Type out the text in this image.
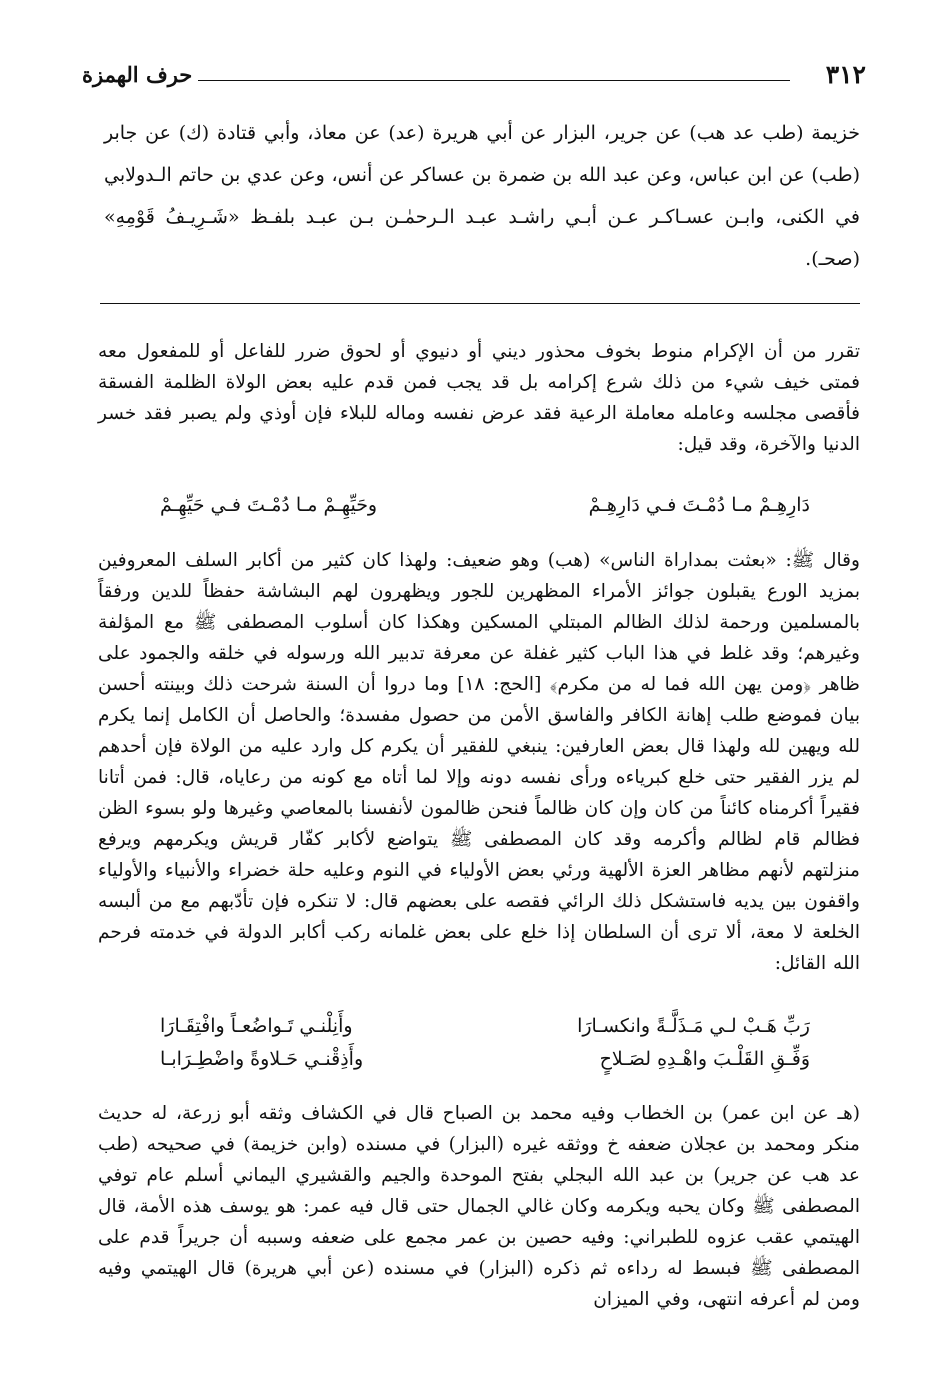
٣١٢
حرف الهمزة

خزيمة (طب عد هب) عن جرير، البزار عن أبي هريرة (عد) عن معاذ، وأبي قتادة (ك) عن جابر (طب) عن ابن عباس، وعن عبد الله بن ضمرة بن عساكر عن أنس، وعن عدي بن حاتم الـدولابي في الكنى، وابـن عسـاكـر عـن أبـي راشـد عبـد الـرحمٰـن بـن عبـد بلفـظ «شَـرِيـفُ قَوْمِهِ» (صحـ).

تقرر من أن الإكرام منوط بخوف محذور ديني أو دنيوي أو لحوق ضرر للفاعل أو للمفعول معه فمتى خيف شيء من ذلك شرع إكرامه بل قد يجب فمن قدم عليه بعض الولاة الظلمة الفسقة فأقصى مجلسه وعامله معاملة الرعية فقد عرض نفسه وماله للبلاء فإن أوذي ولم يصبر فقد خسر الدنيا والآخرة، وقد قيل:

دَارِهِـمْ مـا دُمْـتَ فـي دَارِهِـمْ
وحَيِّهِـمْ مـا دُمْـتَ فـي حَيِّهِـمْ

وقال ﷺ: «بعثت بمداراة الناس» (هب) وهو ضعيف: ولهذا كان كثير من أكابر السلف المعروفين بمزيد الورع يقبلون جوائز الأمراء المظهرين للجور ويظهرون لهم البشاشة حفظاً للدين ورفقاً بالمسلمين ورحمة لذلك الظالم المبتلي المسكين وهكذا كان أسلوب المصطفى ﷺ مع المؤلفة وغيرهم؛ وقد غلط في هذا الباب كثير غفلة عن معرفة تدبير الله ورسوله في خلقه والجمود على ظاهر ﴿ومن يهن الله فما له من مكرم﴾ [الحج: ١٨] وما دروا أن السنة شرحت ذلك وبينته أحسن بيان فموضع طلب إهانة الكافر والفاسق الأمن من حصول مفسدة؛ والحاصل أن الكامل إنما يكرم لله ويهين لله ولهذا قال بعض العارفين: ينبغي للفقير أن يكرم كل وارد عليه من الولاة فإن أحدهم لم يزر الفقير حتى خلع كبرياءه ورأى نفسه دونه وإلا لما أتاه مع كونه من رعاياه، قال: فمن أتانا فقيراً أكرمناه كائناً من كان وإن كان ظالماً فنحن ظالمون لأنفسنا بالمعاصي وغيرها ولو بسوء الظن فظالم قام لظالم وأكرمه وقد كان المصطفى ﷺ يتواضع لأكابر كفّار قريش ويكرمهم ويرفع منزلتهم لأنهم مظاهر العزة الألهية ورئي بعض الأولياء في النوم وعليه حلة خضراء والأنبياء والأولياء واقفون بين يديه فاستشكل ذلك الرائي فقصه على بعضهم قال: لا تنكره فإن تأدّبهم مع من ألبسه الخلعة لا معة، ألا ترى أن السلطان إذا خلع على بعض غلمانه ركب أكابر الدولة في خدمته فرحم الله القائل:

رَبِّ هَـبْ لـي مَـذَلَّـةً وانكسـارَا
وأَنِلْنـي تَـواضُعـاً وافْتِقَـارَا
وَفِّـقِ القَلْـبَ واهْـدِهِ لصَـلاحٍ
وأَذِقْنـي حَـلاوةً واضْطِـرَابـا

(هـ عن ابن عمر) بن الخطاب وفيه محمد بن الصباح قال في الكشاف وثقه أبو زرعة، له حديث منكر ومحمد بن عجلان ضعفه خ ووثقه غيره (البزار) في مسنده (وابن خزيمة) في صحيحه (طب عد هب عن جرير) بن عبد الله البجلي بفتح الموحدة والجيم والقشيري اليماني أسلم عام توفي المصطفى ﷺ وكان يحبه ويكرمه وكان غالي الجمال حتى قال فيه عمر: هو يوسف هذه الأمة، قال الهيتمي عقب عزوه للطبراني: وفيه حصين بن عمر مجمع على ضعفه وسببه أن جريراً قدم على المصطفى ﷺ فبسط له رداءه ثم ذكره (البزار) في مسنده (عن أبي هريرة) قال الهيتمي وفيه ومن لم أعرفه انتهى، وفي الميزان
